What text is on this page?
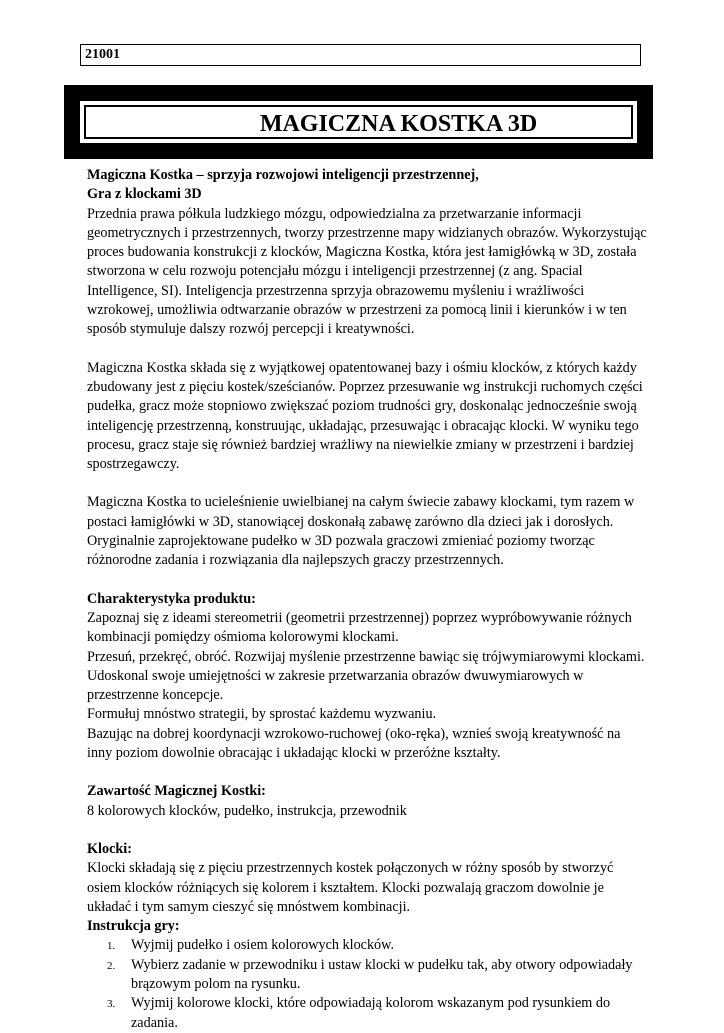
21001
MAGICZNA KOSTKA 3D

Magiczna Kostka – sprzyja rozwojowi inteligencji przestrzennej,

Gra z klockami 3D

Przednia prawa półkula ludzkiego mózgu, odpowiedzialna za przetwarzanie informacji geometrycznych i przestrzennych, tworzy przestrzenne mapy widzianych obrazów. Wykorzystując proces budowania konstrukcji z klocków, Magiczna Kostka, która jest łamigłówką w 3D, została stworzona w celu rozwoju potencjału mózgu i inteligencji przestrzennej (z ang. Spacial Intelligence, SI). Inteligencja przestrzenna sprzyja obrazowemu myśleniu i wrażliwości wzrokowej, umożliwia odtwarzanie obrazów w przestrzeni za pomocą linii i kierunków i w ten sposób stymuluje dalszy rozwój percepcji i kreatywności.

Magiczna Kostka składa się z wyjątkowej opatentowanej bazy i ośmiu klocków, z których każdy zbudowany jest z pięciu kostek/sześcianów. Poprzez przesuwanie wg instrukcji ruchomych części pudełka, gracz może stopniowo zwiększać poziom trudności gry, doskonaląc jednocześnie swoją inteligencję przestrzenną, konstruując, układając, przesuwając i obracając klocki. W wyniku tego procesu, gracz staje się również bardziej wrażliwy na niewielkie zmiany w przestrzeni i bardziej spostrzegawczy.

Magiczna Kostka to ucieleśnienie uwielbianej na całym świecie zabawy klockami, tym razem w postaci łamigłówki w 3D, stanowiącej doskonałą zabawę zarówno dla dzieci jak i dorosłych. Oryginalnie zaprojektowane pudełko w 3D pozwala graczowi zmieniać poziomy tworząc różnorodne zadania i rozwiązania dla najlepszych graczy przestrzennych.

Charakterystyka produktu:

Zapoznaj się z ideami stereometrii (geometrii przestrzennej) poprzez wypróbowywanie różnych kombinacji pomiędzy ośmioma kolorowymi klockami.

Przesuń, przekręć, obróć. Rozwijaj myślenie przestrzenne bawiąc się trójwymiarowymi klockami.

Udoskonal swoje umiejętności w zakresie przetwarzania obrazów dwuwymiarowych w przestrzenne koncepcje.

Formułuj mnóstwo strategii, by sprostać każdemu wyzwaniu.

Bazując na dobrej koordynacji wzrokowo-ruchowej (oko-ręka), wznieś swoją kreatywność na inny poziom dowolnie obracając i układając klocki w przeróżne kształty.

Zawartość Magicznej Kostki:

8 kolorowych klocków, pudełko, instrukcja, przewodnik

Klocki:

Klocki składają się z pięciu przestrzennych kostek połączonych w różny sposób by stworzyć osiem klocków różniących się kolorem i kształtem. Klocki pozwalają graczom dowolnie je układać i tym samym cieszyć się mnóstwem kombinacji.

Instrukcja gry:

1. Wyjmij pudełko i osiem kolorowych klocków.
2. Wybierz zadanie w przewodniku i ustaw klocki w pudełku tak, aby otwory odpowiadały brązowym polom na rysunku.
3. Wyjmij kolorowe klocki, które odpowiadają kolorom wskazanym pod rysunkiem do zadania.
